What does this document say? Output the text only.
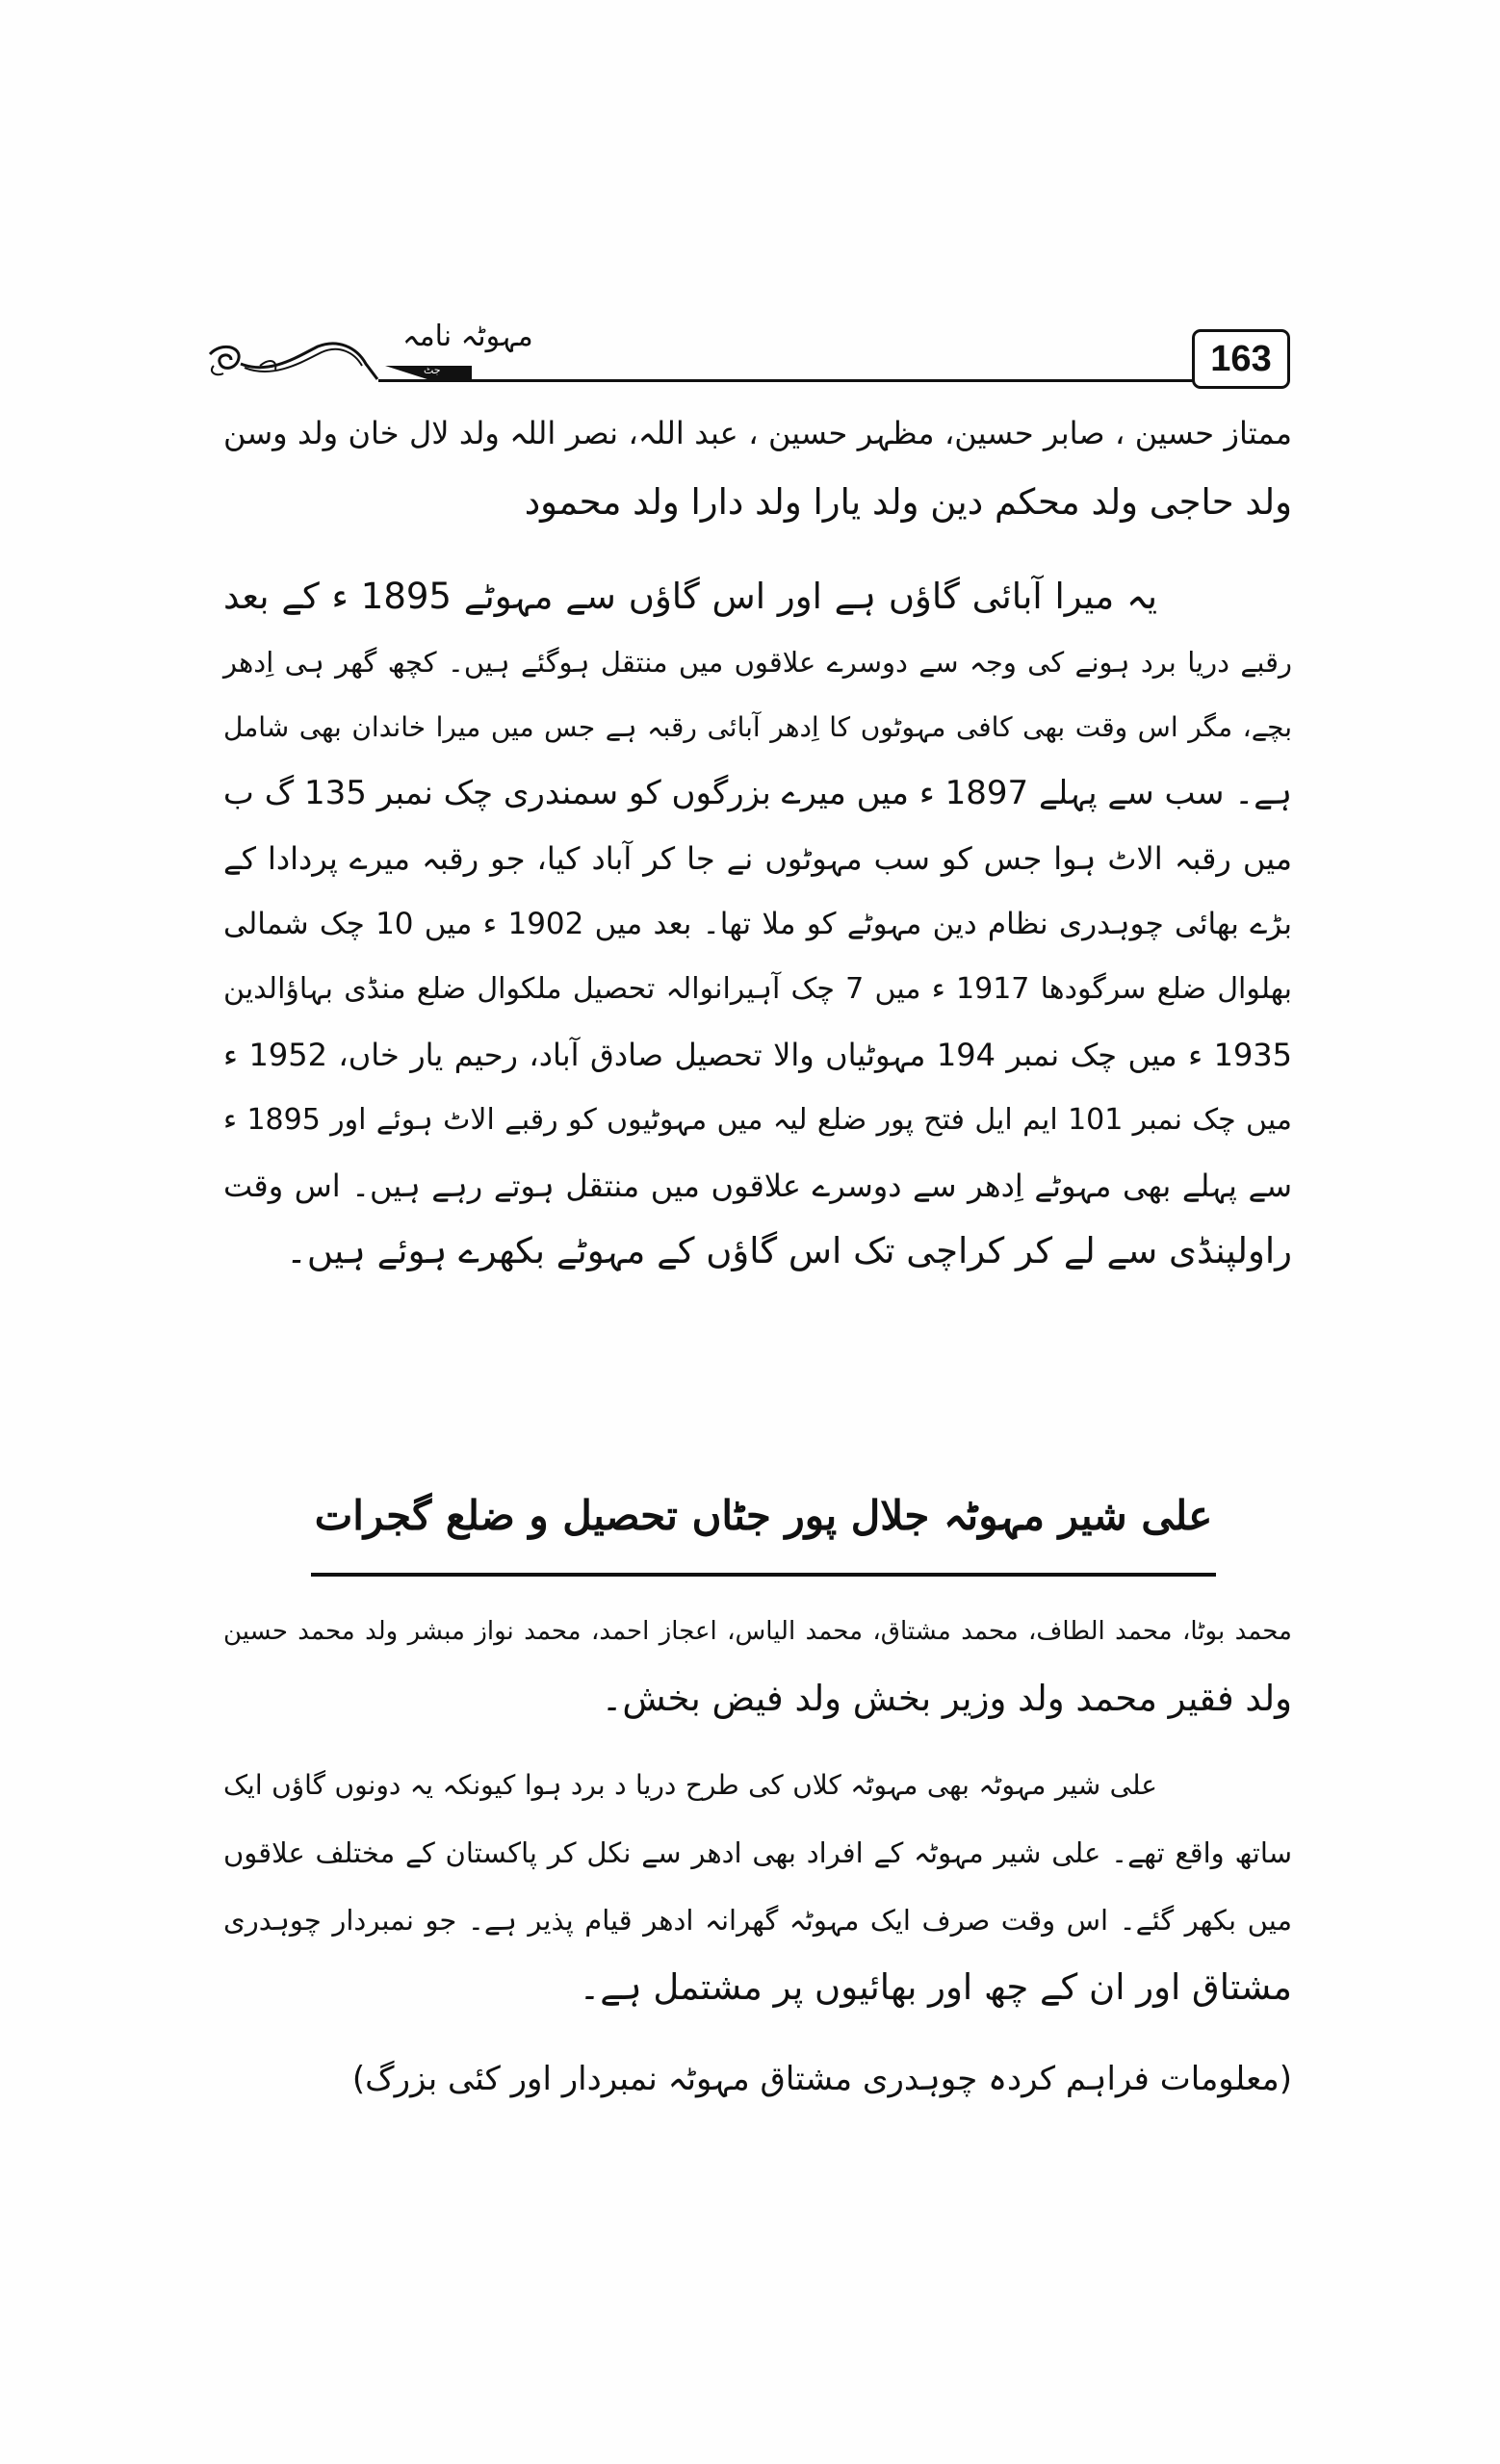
مہوٹہ نامہ
جٹ	163
ممتاز حسین ، صابر حسین، مظہر حسین ، عبد اللہ، نصر اللہ ولد لال خان ولد وسن
ولد حاجی ولد محکم دین ولد یارا ولد دارا ولد محمود
یہ میرا آبائی گاؤں ہے اور اس گاؤں سے مہوٹے 1895 ء کے بعد
رقبے دریا برد ہونے کی وجہ سے دوسرے علاقوں میں منتقل ہوگئے ہیں۔ کچھ گھر ہی اِدھر
بچے، مگر اس وقت بھی کافی مہوٹوں کا اِدھر آبائی رقبہ ہے جس میں میرا خاندان بھی شامل
ہے۔ سب سے پہلے 1897 ء میں میرے بزرگوں کو سمندری چک نمبر 135 گ ب
میں رقبہ الاٹ ہوا جس کو سب مہوٹوں نے جا کر آباد کیا، جو رقبہ میرے پردادا کے
بڑے بھائی چوہدری نظام دین مہوٹے کو ملا تھا۔ بعد میں 1902 ء میں 10 چک شمالی
بھلوال ضلع سرگودھا 1917 ء میں 7 چک آہیرانوالہ تحصیل ملکوال ضلع منڈی بہاؤالدین
1935 ء میں چک نمبر 194 مہوٹیاں والا تحصیل صادق آباد، رحیم یار خاں، 1952 ء
میں چک نمبر 101 ایم ایل فتح پور ضلع لیہ میں مہوٹیوں کو رقبے الاٹ ہوئے اور 1895 ء
سے پہلے بھی مہوٹے اِدھر سے دوسرے علاقوں میں منتقل ہوتے رہے ہیں۔ اس وقت
راولپنڈی سے لے کر کراچی تک اس گاؤں کے مہوٹے بکھرے ہوئے ہیں۔
علی شیر مہوٹہ جلال پور جٹاں تحصیل و ضلع گجرات
محمد بوٹا، محمد الطاف، محمد مشتاق، محمد الیاس، اعجاز احمد، محمد نواز مبشر ولد محمد حسین
ولد فقیر محمد ولد وزیر بخش ولد فیض بخش۔
علی شیر مہوٹہ بھی مہوٹہ کلاں کی طرح دریا د برد ہوا کیونکہ یہ دونوں گاؤں ایک
ساتھ واقع تھے۔ علی شیر مہوٹہ کے افراد بھی ادھر سے نکل کر پاکستان کے مختلف علاقوں
میں بکھر گئے۔ اس وقت صرف ایک مہوٹہ گھرانہ ادھر قیام پذیر ہے۔ جو نمبردار چوہدری
مشتاق اور ان کے چھ اور بھائیوں پر مشتمل ہے۔
(معلومات فراہم کردہ چوہدری مشتاق مہوٹہ نمبردار اور کئی بزرگ)
